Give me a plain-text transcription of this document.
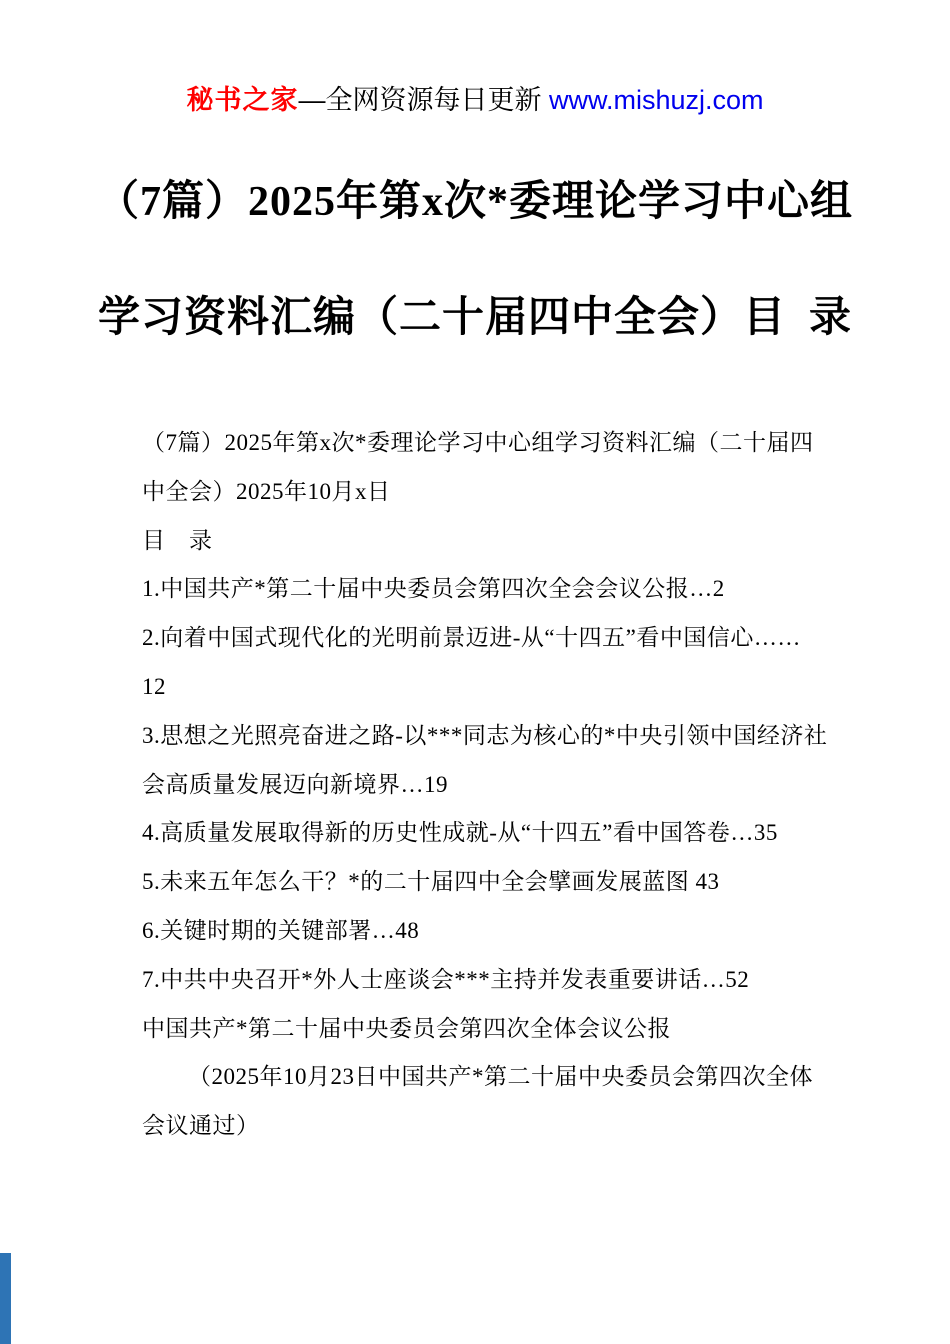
秘书之家—全网资源每日更新 www.mishuzj.com
（7篇）2025年第x次*委理论学习中心组
学习资料汇编（二十届四中全会）目  录
（7篇）2025年第x次*委理论学习中心组学习资料汇编（二十届四
中全会）2025年10月x日
目　录
1.中国共产*第二十届中央委员会第四次全会会议公报…2
2.向着中国式现代化的光明前景迈进-从“十四五”看中国信心……
12
3.思想之光照亮奋进之路-以***同志为核心的*中央引领中国经济社
会高质量发展迈向新境界…19
4.高质量发展取得新的历史性成就-从“十四五”看中国答卷…35
5.未来五年怎么干？*的二十届四中全会擘画发展蓝图 43
6.关键时期的关键部署…48
7.中共中央召开*外人士座谈会***主持并发表重要讲话…52
中国共产*第二十届中央委员会第四次全体会议公报
（2025年10月23日中国共产*第二十届中央委员会第四次全体
会议通过）
